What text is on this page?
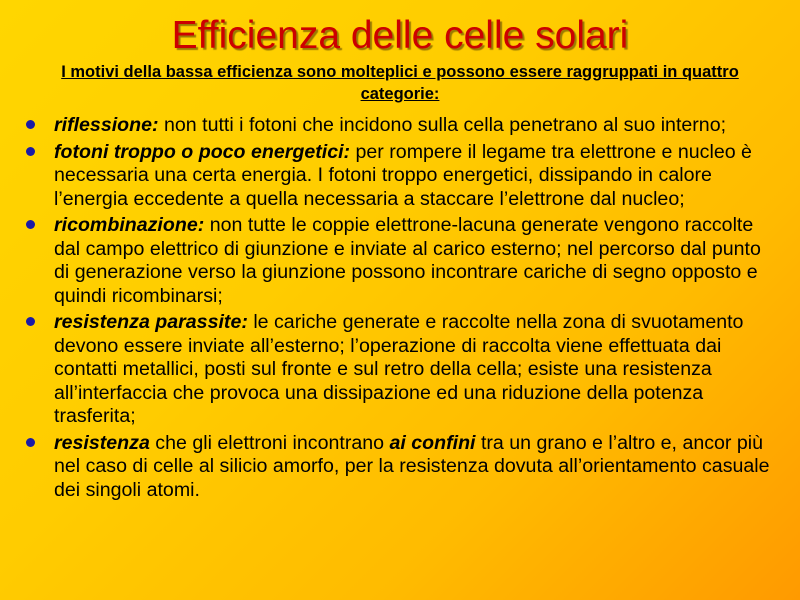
Efficienza delle celle solari
I motivi della bassa efficienza sono molteplici e possono essere raggruppati in quattro categorie:
riflessione: non tutti i fotoni che incidono sulla cella penetrano al suo interno;
fotoni troppo o poco energetici: per rompere il legame tra elettrone e nucleo è necessaria una certa energia. I fotoni troppo energetici, dissipando in calore l’energia eccedente a quella necessaria a staccare l’elettrone dal nucleo;
ricombinazione: non tutte le coppie elettrone-lacuna generate vengono raccolte dal campo elettrico di giunzione e inviate al carico esterno; nel percorso dal punto di generazione verso la giunzione possono incontrare cariche di segno opposto e quindi ricombinarsi;
resistenza parassite: le cariche generate e raccolte nella zona di svuotamento devono essere inviate all’esterno; l’operazione di raccolta viene effettuata dai contatti metallici, posti sul fronte e sul retro della cella; esiste una resistenza all’interfaccia che provoca una dissipazione ed una riduzione della potenza trasferita;
resistenza che gli elettroni incontrano ai confini tra un grano e l’altro e, ancor più nel caso di celle al silicio amorfo, per la resistenza dovuta all’orientamento casuale dei singoli atomi.
